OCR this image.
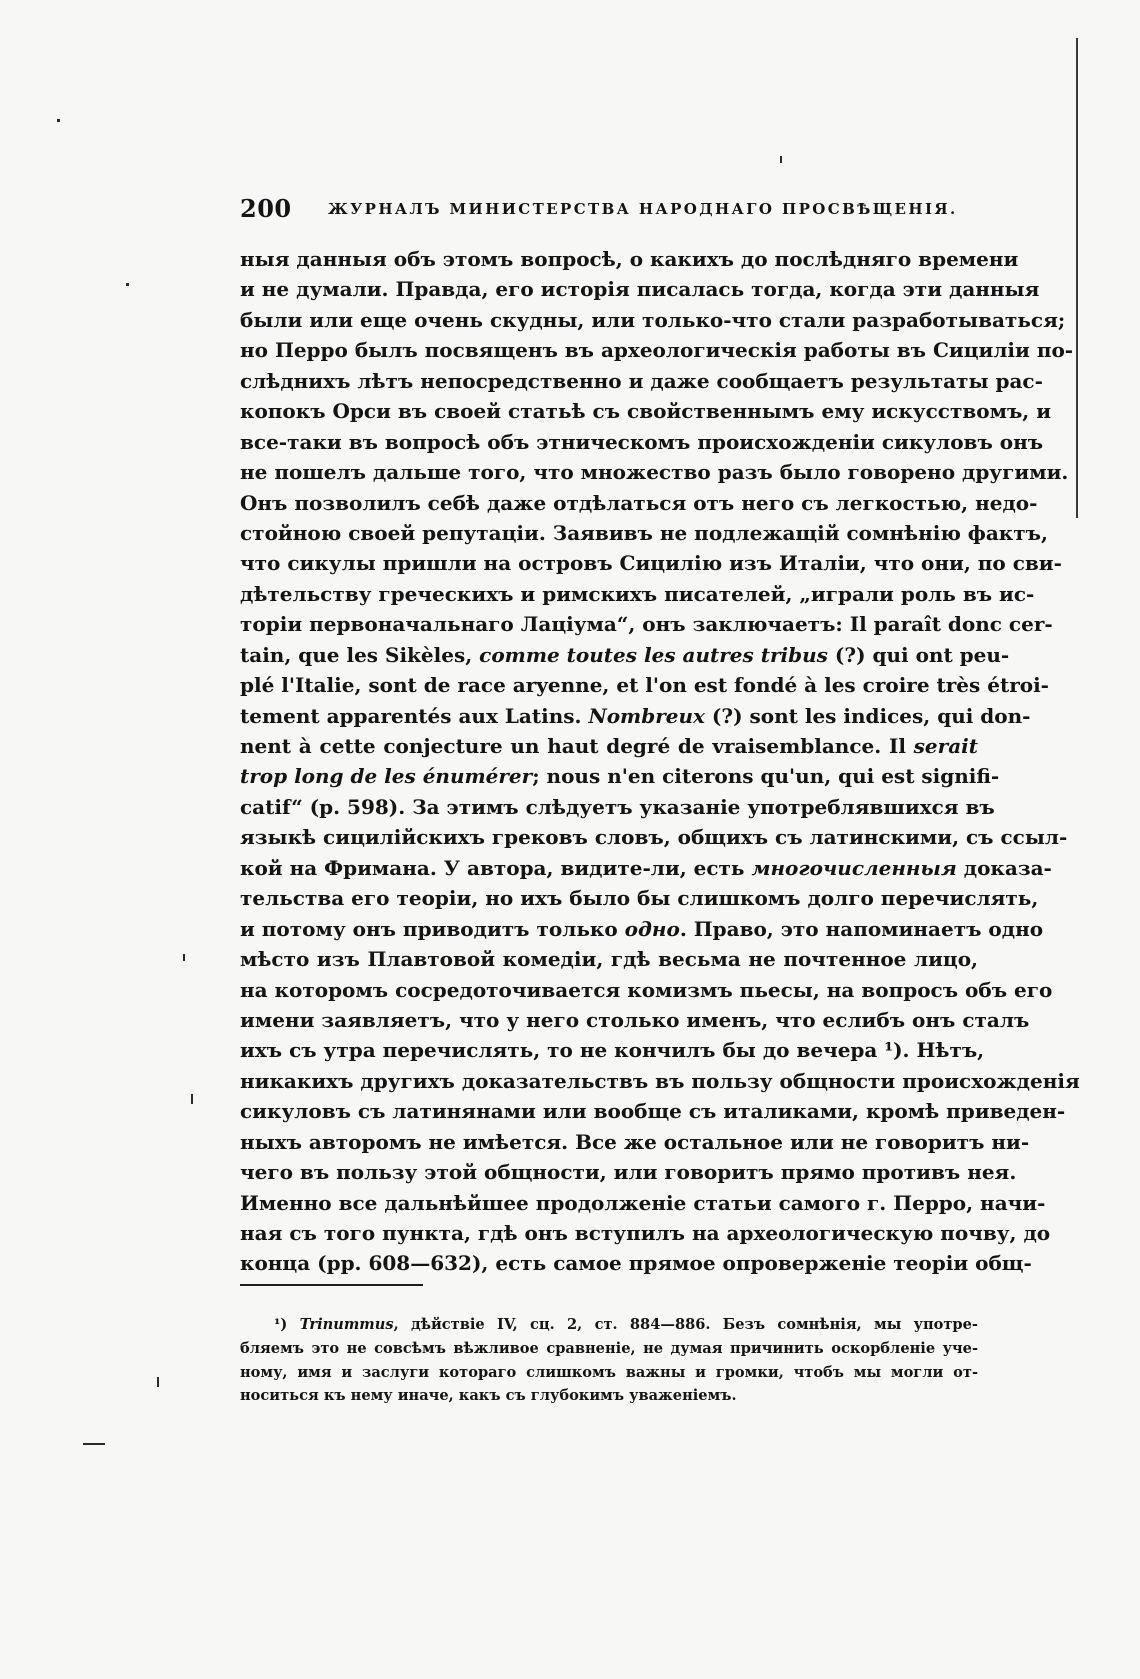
200 ЖУРНАЛЪ МИНИСТЕРСТВА НАРОДНАГО ПРОСВѢЩЕНІЯ.
ныя данныя объ этомъ вопросѣ, о какихъ до послѣдняго времени
и не думали. Правда, его исторія писалась тогда, когда эти данныя
были или еще очень скудны, или только-что стали разработываться;
но Перро былъ посвященъ въ археологическія работы въ Сициліи по-
слѣднихъ лѣтъ непосредственно и даже сообщаетъ результаты рас-
копокъ Орси въ своей статьѣ съ свойственнымъ ему искусствомъ, и
все-таки въ вопросѣ объ этническомъ происхожденіи сикуловъ онъ
не пошелъ дальше того, что множество разъ было говорено другими.
Онъ позволилъ себѣ даже отдѣлаться отъ него съ легкостью, недо-
стойною своей репутаціи. Заявивъ не подлежащій сомнѣнію фактъ,
что сикулы пришли на островъ Сицилію изъ Италіи, что они, по сви-
дѣтельству греческихъ и римскихъ писателей, „играли роль въ ис-
торіи первоначальнаго Лаціума“, онъ заключаетъ: Il paraît donc cer-
tain, que les Sikèles, comme toutes les autres tribus (?) qui ont peu-
plé l'Italie, sont de race aryenne, et l'on est fondé à les croire très étroi-
tement apparentés aux Latins. Nombreux (?) sont les indices, qui don-
nent à cette conjecture un haut degré de vraisemblance. Il serait
trop long de les énumérer; nous n'en citerons qu'un, qui est signifi-
catif“ (p. 598). За этимъ слѣдуетъ указаніе употреблявшихся въ
языкѣ сицилійскихъ грековъ словъ, общихъ съ латинскими, съ ссыл-
кой на Фримана. У автора, видите-ли, есть многочисленныя доказа-
тельства его теоріи, но ихъ было бы слишкомъ долго перечислять,
и потому онъ приводитъ только одно. Право, это напоминаетъ одно
мѣсто изъ Плавтовой комедіи, гдѣ весьма не почтенное лицо,
на которомъ сосредоточивается комизмъ пьесы, на вопросъ объ его
имени заявляетъ, что у него столько именъ, что еслибъ онъ сталъ
ихъ съ утра перечислять, то не кончилъ бы до вечера ¹). Нѣтъ,
никакихъ другихъ доказательствъ въ пользу общности происхожденія
сикуловъ съ латинянами или вообще съ италиками, кромѣ приведен-
ныхъ авторомъ не имѣется. Все же остальное или не говоритъ ни-
чего въ пользу этой общности, или говоритъ прямо противъ нея.
Именно все дальнѣйшее продолженіе статьи самого г. Перро, начи-
ная съ того пункта, гдѣ онъ вступилъ на археологическую почву, до
конца (pp. 608—632), есть самое прямое опроверженіе теоріи общ-
¹) Trinummus, дѣйствіе IV, сц. 2, ст. 884—886. Безъ сомнѣнія, мы употре-
бляемъ это не совсѣмъ вѣжливое сравненіе, не думая причинить оскорбленіе уче-
ному, имя и заслуги котораго слишкомъ важны и громки, чтобъ мы могли от-
носиться къ нему иначе, какъ съ глубокимъ уваженіемъ.
